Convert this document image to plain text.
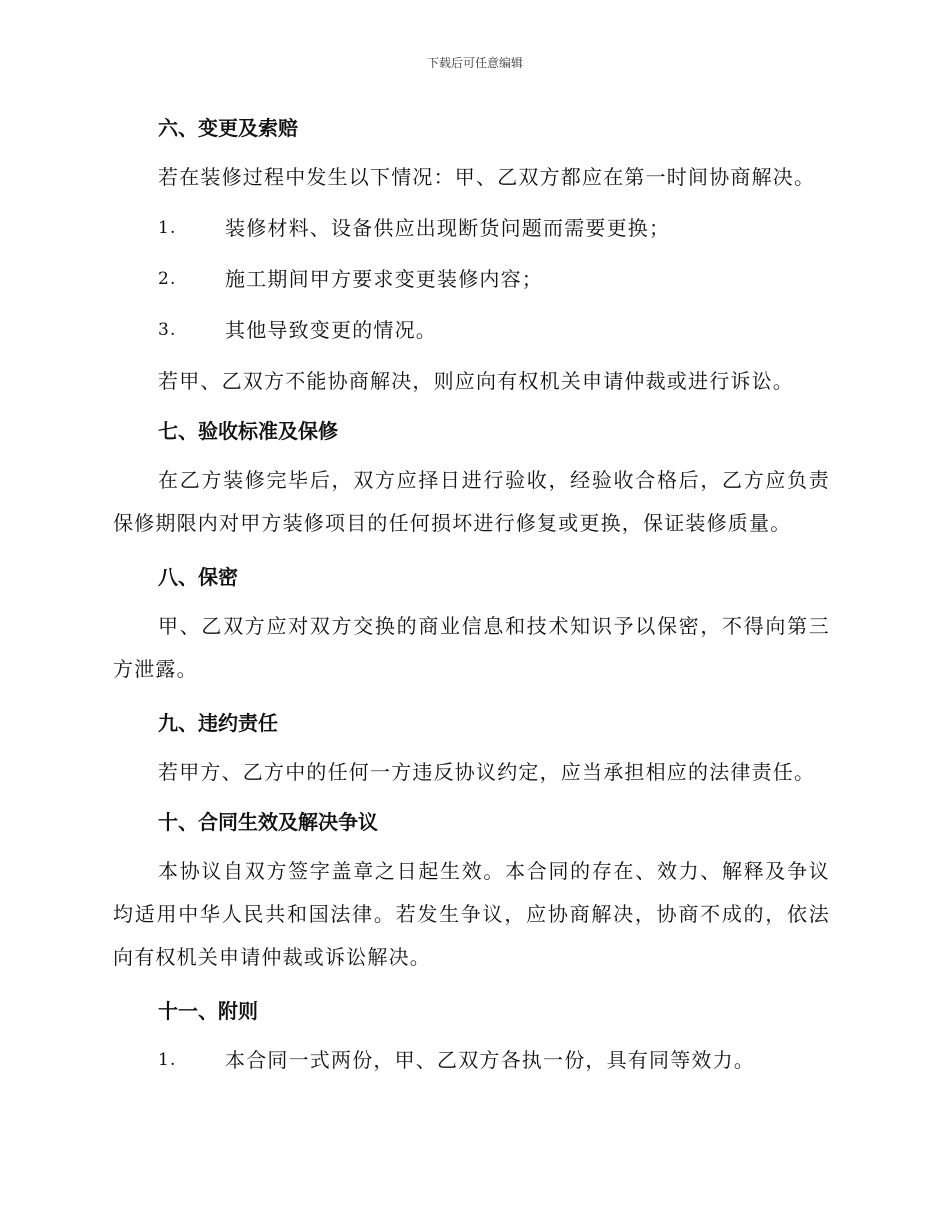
下载后可任意编辑
六、变更及索赔

若在装修过程中发生以下情况：甲、乙双方都应在第一时间协商解决。

1.	装修材料、设备供应出现断货问题而需要更换；
2.	施工期间甲方要求变更装修内容；
3.	其他导致变更的情况。

若甲、乙双方不能协商解决，则应向有权机关申请仲裁或进行诉讼。

七、验收标准及保修

在乙方装修完毕后，双方应择日进行验收，经验收合格后，乙方应负责保修期限内对甲方装修项目的任何损坏进行修复或更换，保证装修质量。

八、保密

甲、乙双方应对双方交换的商业信息和技术知识予以保密，不得向第三方泄露。

九、违约责任

若甲方、乙方中的任何一方违反协议约定，应当承担相应的法律责任。

十、合同生效及解决争议

本协议自双方签字盖章之日起生效。本合同的存在、效力、解释及争议均适用中华人民共和国法律。若发生争议，应协商解决，协商不成的，依法向有权机关申请仲裁或诉讼解决。

十一、附则
1.	本合同一式两份，甲、乙双方各执一份，具有同等效力。
